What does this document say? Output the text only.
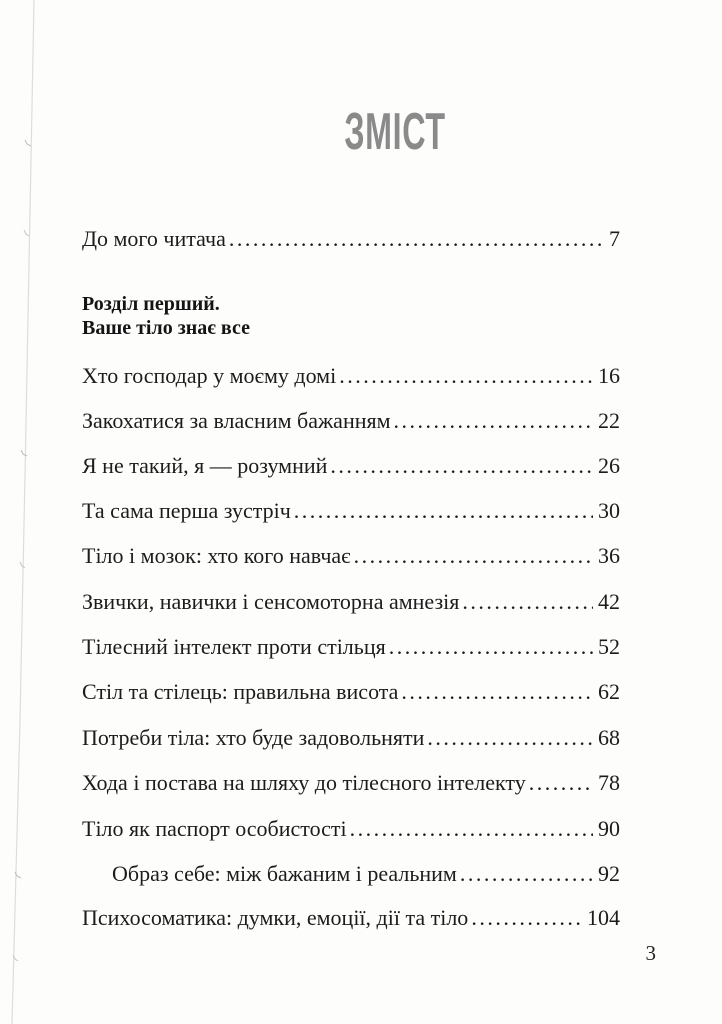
ЗМІСТ
До мого читача .....	7
Розділ перший.
Ваше тіло знає все
Хто господар у моєму домі .....	16
Закохатися за власним бажанням .....	22
Я не такий, я — розумний .....	26
Та сама перша зустріч .....	30
Тіло і мозок: хто кого навчає .....	36
Звички, навички і сенсомоторна амнезія .....	42
Тілесний інтелект проти стільця .....	52
Стіл та стілець: правильна висота .....	62
Потреби тіла: хто буде задовольняти .....	68
Хода і постава на шляху до тілесного інтелекту .....	78
Тіло як паспорт особистості .....	90
Образ себе: між бажаним і реальним .....	92
Психосоматика: думки, емоції, дії та тіло .....	104
3
